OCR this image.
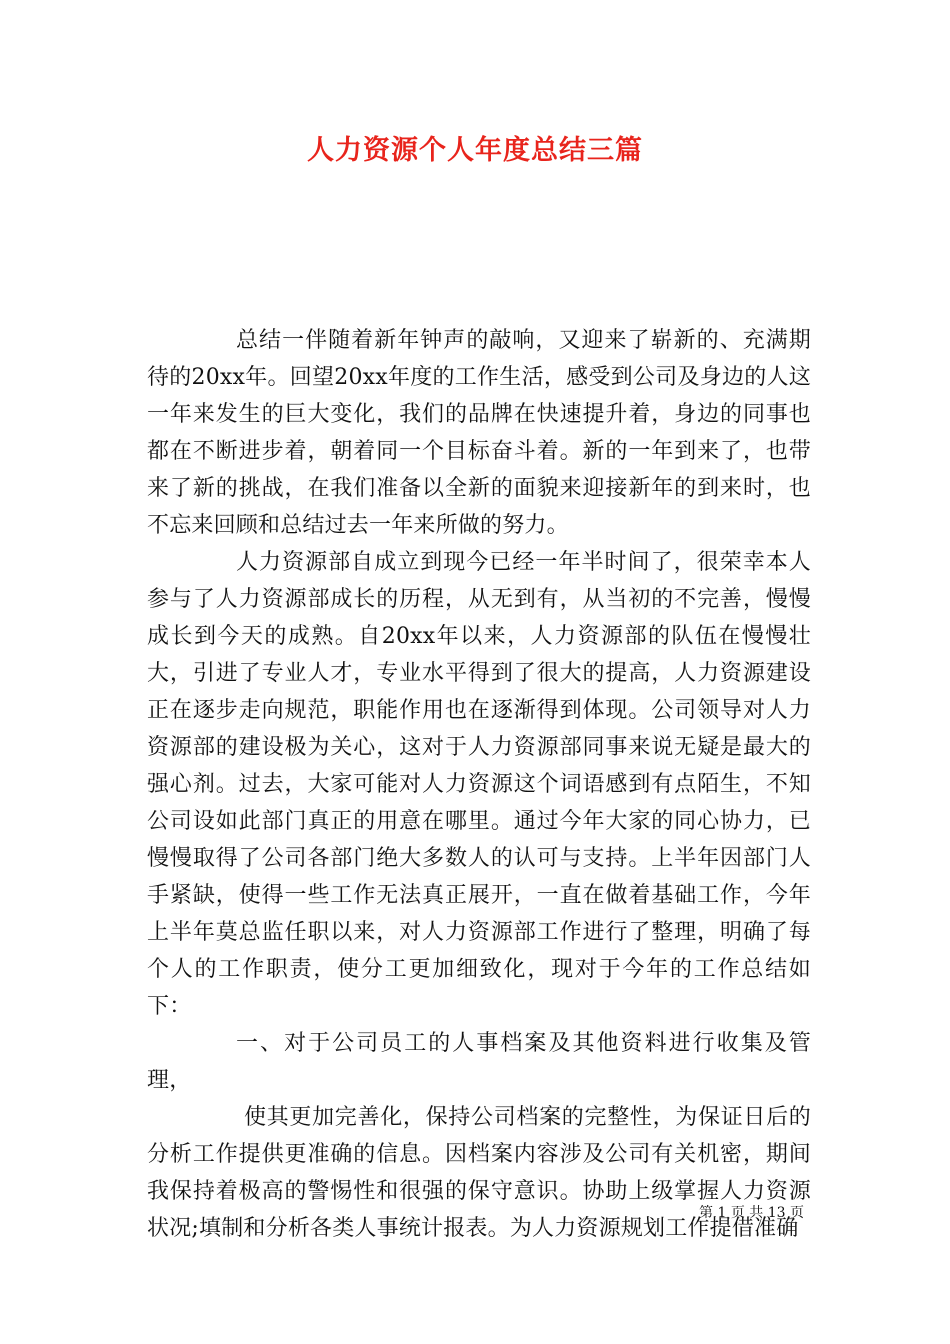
人力资源个人年度总结三篇

总结一伴随着新年钟声的敲响，又迎来了崭新的、充满期待的20xx年。回望20xx年度的工作生活，感受到公司及身边的人这一年来发生的巨大变化，我们的品牌在快速提升着，身边的同事也都在不断进步着，朝着同一个目标奋斗着。新的一年到来了，也带来了新的挑战，在我们准备以全新的面貌来迎接新年的到来时，也不忘来回顾和总结过去一年来所做的努力。

人力资源部自成立到现今已经一年半时间了，很荣幸本人参与了人力资源部成长的历程，从无到有，从当初的不完善，慢慢成长到今天的成熟。自20xx年以来，人力资源部的队伍在慢慢壮大，引进了专业人才，专业水平得到了很大的提高，人力资源建设正在逐步走向规范，职能作用也在逐渐得到体现。公司领导对人力资源部的建设极为关心，这对于人力资源部同事来说无疑是最大的强心剂。过去，大家可能对人力资源这个词语感到有点陌生，不知公司设如此部门真正的用意在哪里。通过今年大家的同心协力，已慢慢取得了公司各部门绝大多数人的认可与支持。上半年因部门人手紧缺，使得一些工作无法真正展开，一直在做着基础工作，今年上半年莫总监任职以来，对人力资源部工作进行了整理，明确了每个人的工作职责，使分工更加细致化，现对于今年的工作总结如下：

一、对于公司员工的人事档案及其他资料进行收集及管理，

使其更加完善化，保持公司档案的完整性，为保证日后的分析工作提供更准确的信息。因档案内容涉及公司有关机密，期间我保持着极高的警惕性和很强的保守意识。协助上级掌握人力资源状况;填制和分析各类人事统计报表。为人力资源规划工作提借准确

第 1 页 共 13 页
